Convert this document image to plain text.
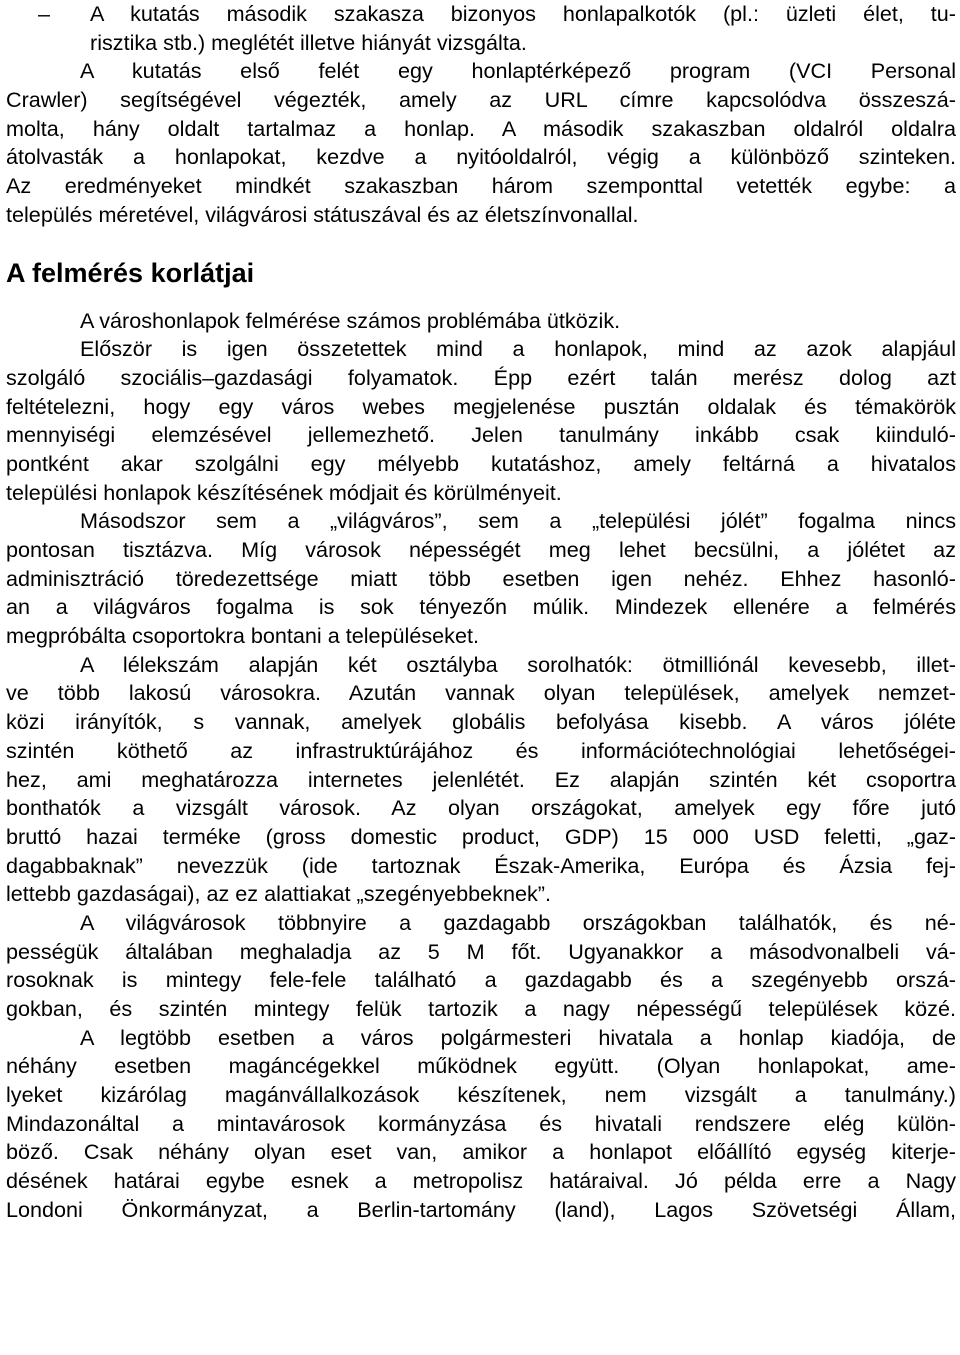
– A kutatás második szakasza bizonyos honlapalkotók (pl.: üzleti élet, tu-
risztika stb.) meglétét illetve hiányát vizsgálta.
A kutatás első felét egy honlaptérképező program (VCI Personal
Crawler) segítségével végezték, amely az URL címre kapcsolódva összeszá-
molta, hány oldalt tartalmaz a honlap. A második szakaszban oldalról oldalra
átolvasták a honlapokat, kezdve a nyitóoldalról, végig a különböző szinteken.
Az eredményeket mindkét szakaszban három szemponttal vetették egybe: a
település méretével, világvárosi státuszával és az életszínvonallal.
A felmérés korlátjai
A városhonlapok felmérése számos problémába ütközik.
Először is igen összetettek mind a honlapok, mind az azok alapjául
szolgáló szociális–gazdasági folyamatok. Épp ezért talán merész dolog azt
feltételezni, hogy egy város webes megjelenése pusztán oldalak és témakörök
mennyiségi elemzésével jellemezhető. Jelen tanulmány inkább csak kiinduló-
pontként akar szolgálni egy mélyebb kutatáshoz, amely feltárná a hivatalos
települési honlapok készítésének módjait és körülményeit.
Másodszor sem a „világváros”, sem a „települési jólét” fogalma nincs
pontosan tisztázva. Míg városok népességét meg lehet becsülni, a jólétet az
adminisztráció töredezettsége miatt több esetben igen nehéz. Ehhez hasonló-
an a világváros fogalma is sok tényezőn múlik. Mindezek ellenére a felmérés
megpróbálta csoportokra bontani a településeket.
A lélekszám alapján két osztályba sorolhatók: ötmilliónál kevesebb, illet-
ve több lakosú városokra. Azután vannak olyan települések, amelyek nemzet-
közi irányítók, s vannak, amelyek globális befolyása kisebb. A város jóléte
szintén köthető az infrastruktúrájához és információtechnológiai lehetőségei-
hez, ami meghatározza internetes jelenlétét. Ez alapján szintén két csoportra
bonthatók a vizsgált városok. Az olyan országokat, amelyek egy főre jutó
bruttó hazai terméke (gross domestic product, GDP) 15 000 USD feletti, „gaz-
dagabbaknak” nevezzük (ide tartoznak Észak-Amerika, Európa és Ázsia fej-
lettebb gazdaságai), az ez alattiakat „szegényebbeknek”.
A világvárosok többnyire a gazdagabb országokban találhatók, és né-
pességük általában meghaladja az 5 M főt. Ugyanakkor a másodvonalbeli vá-
rosoknak is mintegy fele-fele található a gazdagabb és a szegényebb orszá-
gokban, és szintén mintegy felük tartozik a nagy népességű települések közé.
A legtöbb esetben a város polgármesteri hivatala a honlap kiadója, de
néhány esetben magáncégekkel működnek együtt. (Olyan honlapokat, ame-
lyeket kizárólag magánvállalkozások készítenek, nem vizsgált a tanulmány.)
Mindazonáltal a mintavárosok kormányzása és hivatali rendszere elég külön-
böző. Csak néhány olyan eset van, amikor a honlapot előállító egység kiterje-
désének határai egybe esnek a metropolisz határaival. Jó példa erre a Nagy
Londoni Önkormányzat, a Berlin-tartomány (land), Lagos Szövetségi Állam,
